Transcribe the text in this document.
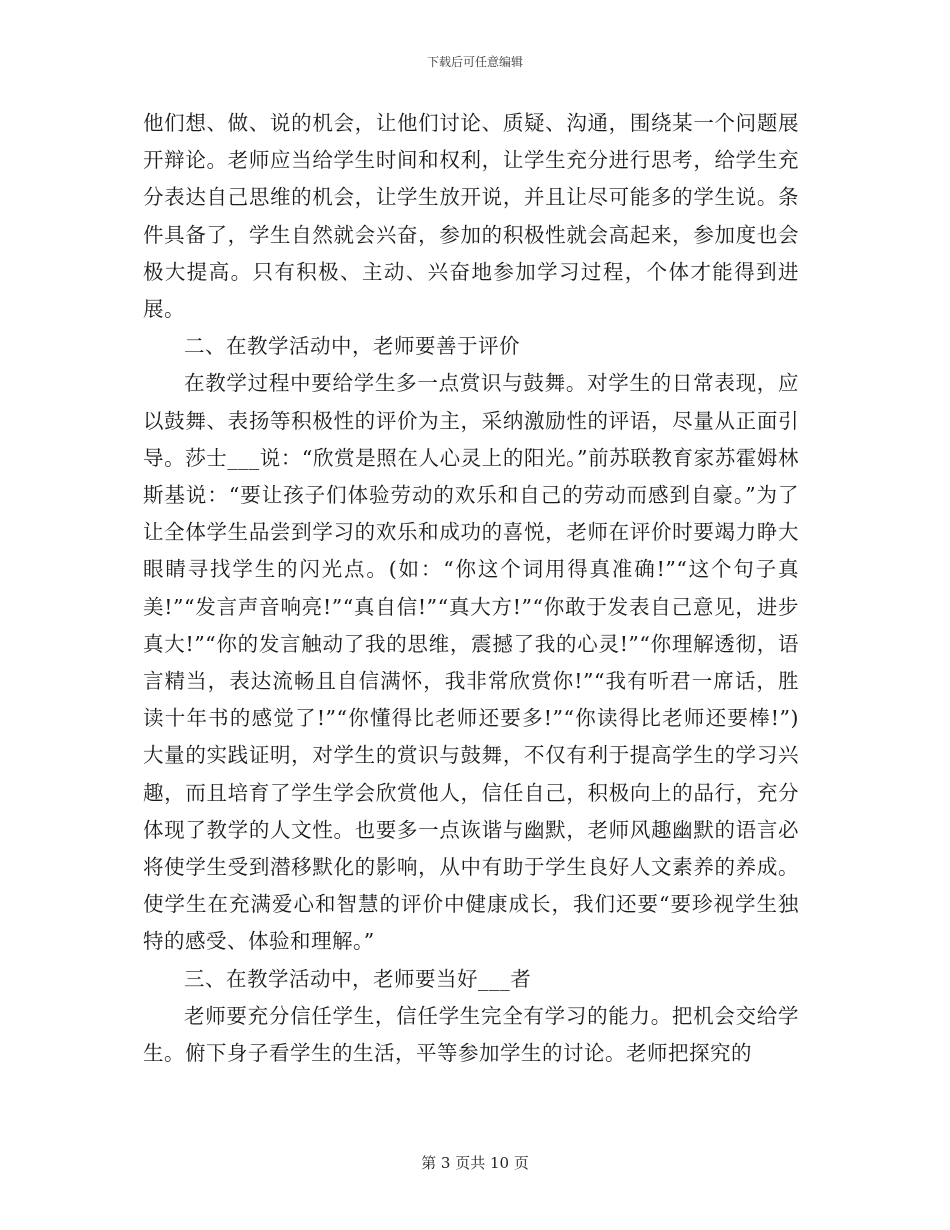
下载后可任意编辑

他们想、做、说的机会，让他们讨论、质疑、沟通，围绕某一个问题展开辩论。老师应当给学生时间和权利，让学生充分进行思考，给学生充分表达自己思维的机会，让学生放开说，并且让尽可能多的学生说。条件具备了，学生自然就会兴奋，参加的积极性就会高起来，参加度也会极大提高。只有积极、主动、兴奋地参加学习过程，个体才能得到进展。

二、在教学活动中，老师要善于评价

在教学过程中要给学生多一点赏识与鼓舞。对学生的日常表现，应以鼓舞、表扬等积极性的评价为主，采纳激励性的评语，尽量从正面引导。莎士___说：“欣赏是照在人心灵上的阳光。”前苏联教育家苏霍姆林斯基说：“要让孩子们体验劳动的欢乐和自己的劳动而感到自豪。”为了让全体学生品尝到学习的欢乐和成功的喜悦，老师在评价时要竭力睁大眼睛寻找学生的闪光点。(如：“你这个词用得真准确!”“这个句子真美!”“发言声音响亮!”“真自信!”“真大方!”“你敢于发表自己意见，进步真大!”“你的发言触动了我的思维，震撼了我的心灵!”“你理解透彻，语言精当，表达流畅且自信满怀，我非常欣赏你!”“我有听君一席话，胜读十年书的感觉了!”“你懂得比老师还要多!”“你读得比老师还要棒!”)大量的实践证明，对学生的赏识与鼓舞，不仅有利于提高学生的学习兴趣，而且培育了学生学会欣赏他人，信任自己，积极向上的品行，充分体现了教学的人文性。也要多一点诙谐与幽默，老师风趣幽默的语言必将使学生受到潜移默化的影响，从中有助于学生良好人文素养的养成。使学生在充满爱心和智慧的评价中健康成长，我们还要“要珍视学生独特的感受、体验和理解。”

三、在教学活动中，老师要当好___者

老师要充分信任学生，信任学生完全有学习的能力。把机会交给学生。俯下身子看学生的生活，平等参加学生的讨论。老师把探究的

第 3 页共 10 页
